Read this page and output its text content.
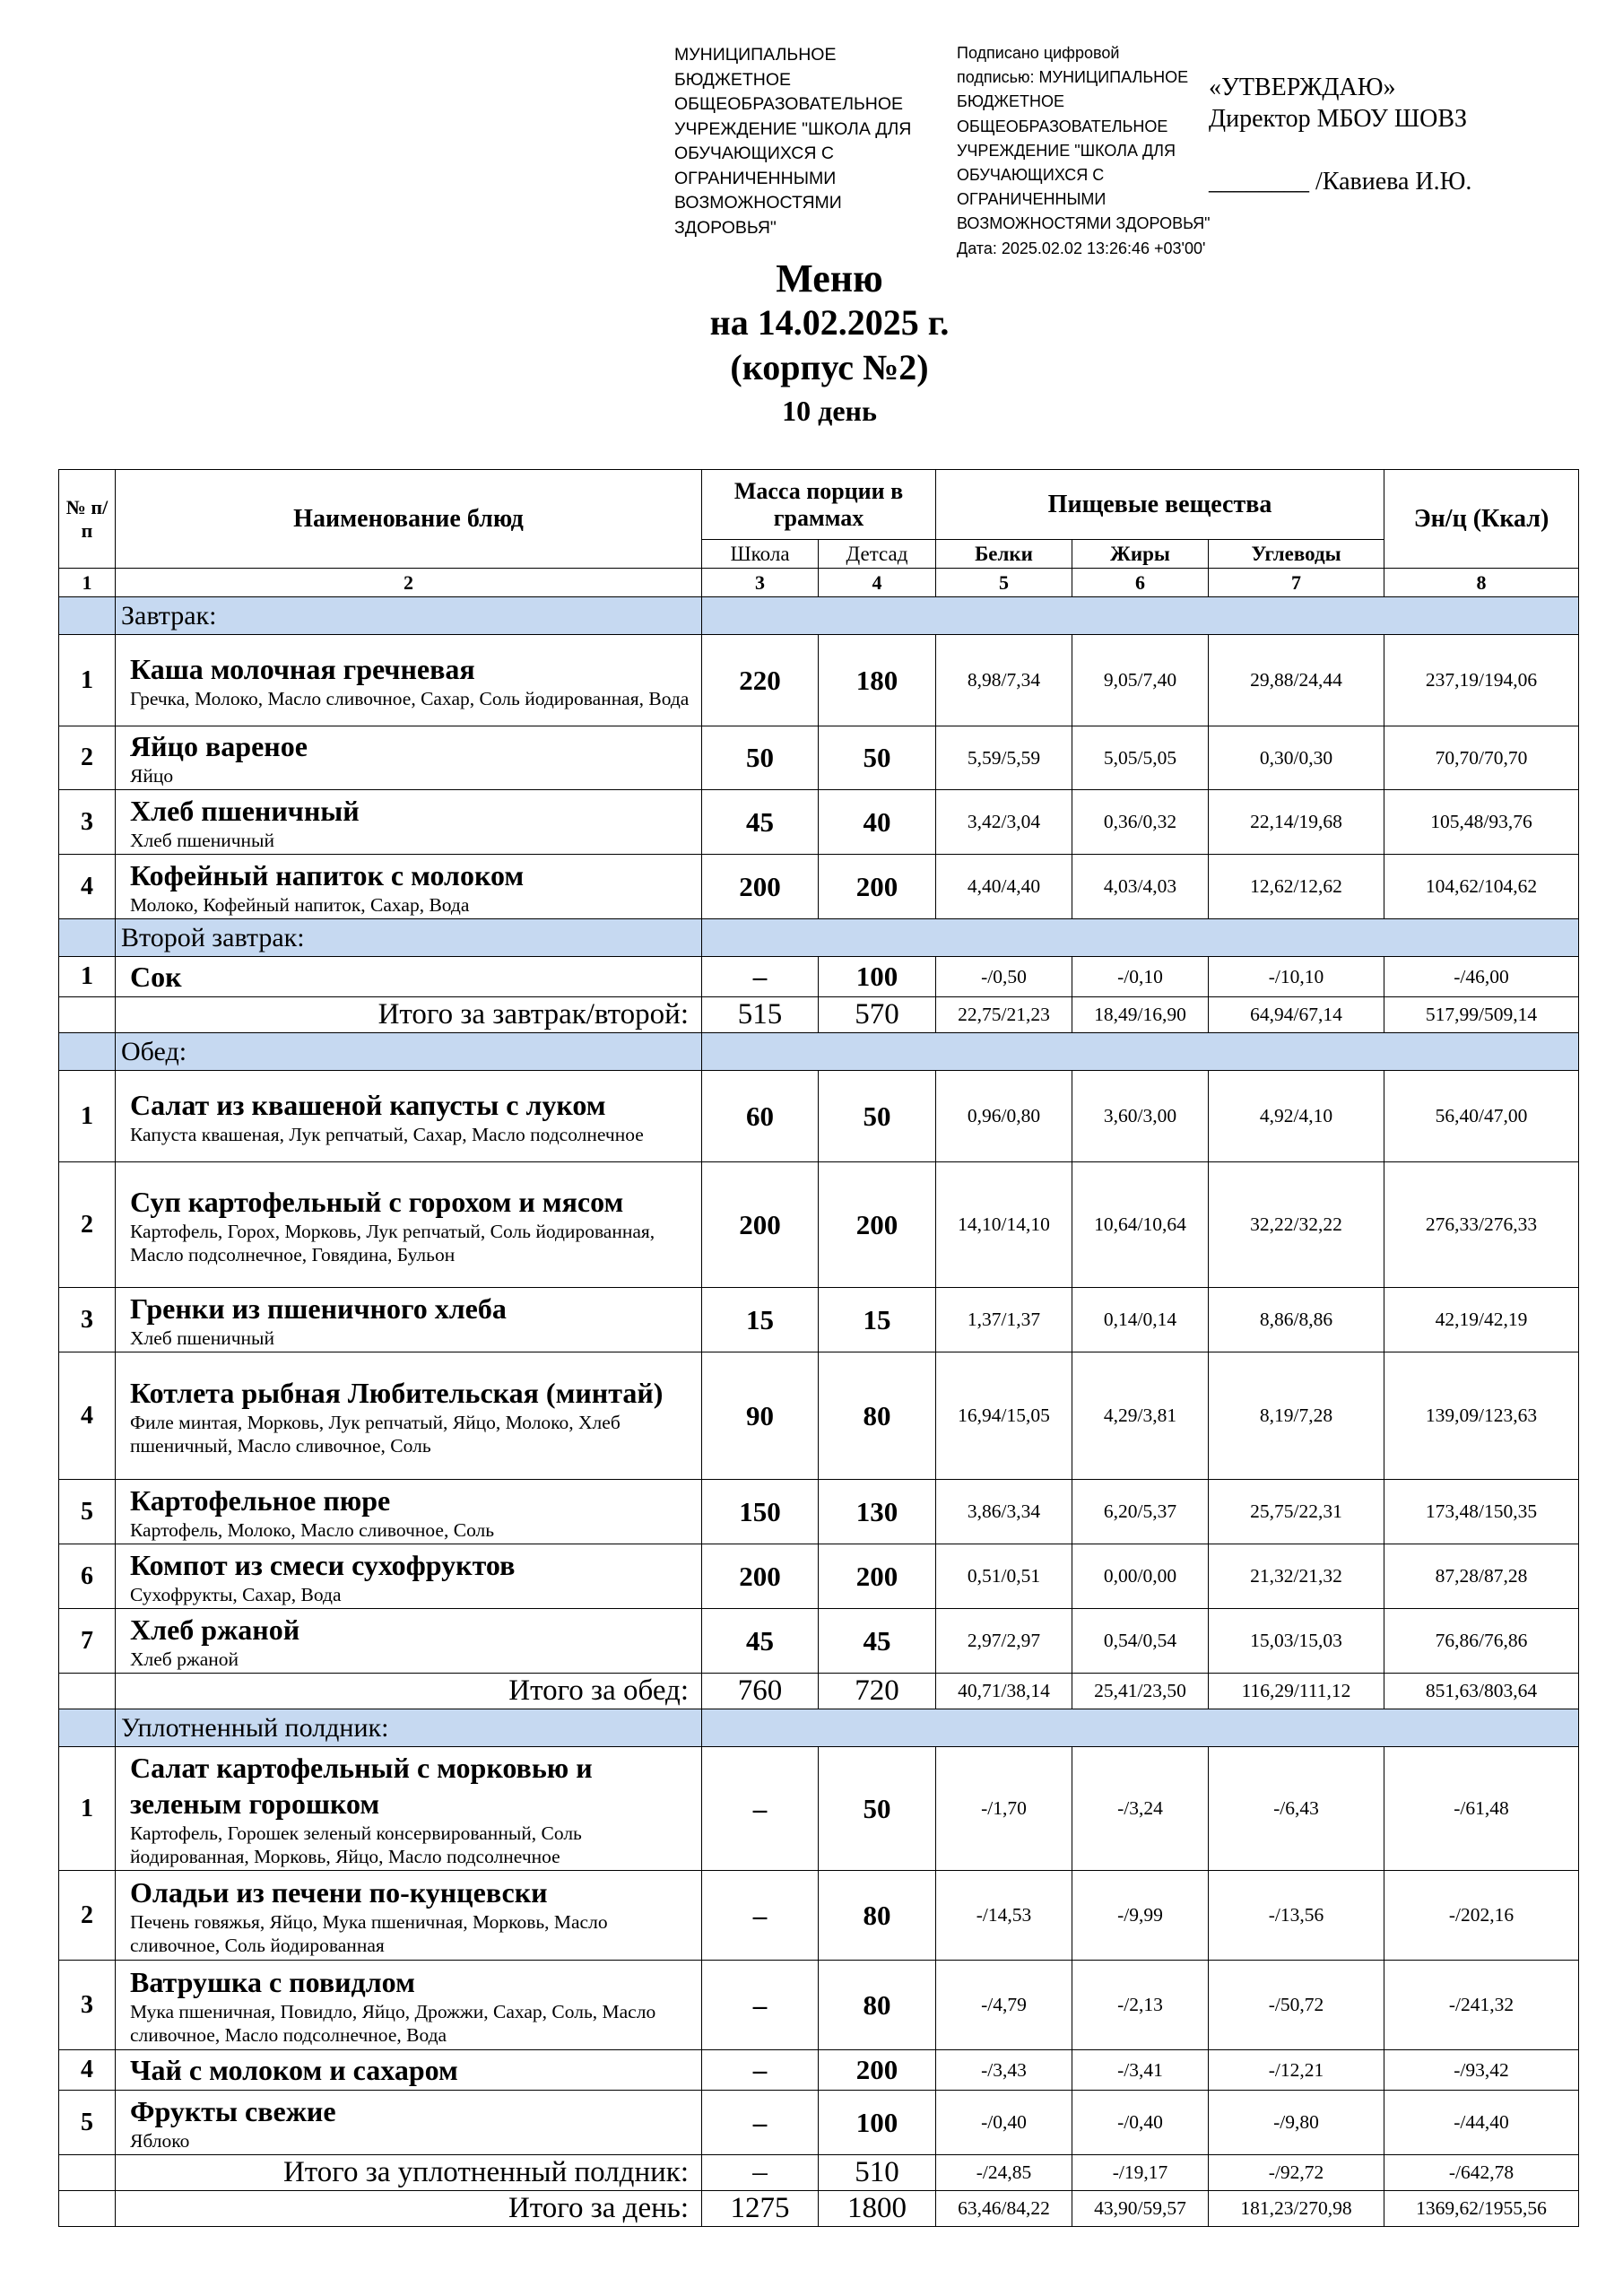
МУНИЦИПАЛЬНОЕ
БЮДЖЕТНОЕ
ОБЩЕОБРАЗОВАТЕЛЬНОЕ
УЧРЕЖДЕНИЕ "ШКОЛА ДЛЯ
ОБУЧАЮЩИХСЯ С
ОГРАНИЧЕННЫМИ
ВОЗМОЖНОСТЯМИ
ЗДОРОВЬЯ"
Подписано цифровой
подписью: МУНИЦИПАЛЬНОЕ
БЮДЖЕТНОЕ
ОБЩЕОБРАЗОВАТЕЛЬНОЕ
УЧРЕЖДЕНИЕ "ШКОЛА ДЛЯ
ОБУЧАЮЩИХСЯ С
ОГРАНИЧЕННЫМИ
ВОЗМОЖНОСТЯМИ ЗДОРОВЬЯ"
Дата: 2025.02.02 13:26:46 +03'00'
«УТВЕРЖДАЮ»
Директор МБОУ ШОВЗ

________ /Кавиева И.Ю.
Меню
на 14.02.2025 г.
(корпус №2)
10 день
№ п/п	Наименование блюд	Масса порции в граммах		Пищевые вещества			Эн/ц (Ккал)
		Школа	Детсад	Белки	Жиры	Углеводы	
1	2	3	4	5	6	7	8
	Завтрак:						
1	Каша молочная гречневая
Гречка, Молоко, Масло сливочное, Сахар, Соль йодированная, Вода	220	180	8,98/7,34	9,05/7,40	29,88/24,44	237,19/194,06
2	Яйцо вареное
Яйцо	50	50	5,59/5,59	5,05/5,05	0,30/0,30	70,70/70,70
3	Хлеб пшеничный
Хлеб пшеничный	45	40	3,42/3,04	0,36/0,32	22,14/19,68	105,48/93,76
4	Кофейный напиток с молоком
Молоко, Кофейный напиток, Сахар, Вода	200	200	4,40/4,40	4,03/4,03	12,62/12,62	104,62/104,62
	Второй завтрак:						
1	Сок	–	100	-/0,50	-/0,10	-/10,10	-/46,00
	Итого за завтрак/второй:	515	570	22,75/21,23	18,49/16,90	64,94/67,14	517,99/509,14
	Обед:						
1	Салат из квашеной капусты с луком
Капуста квашеная, Лук репчатый, Сахар, Масло подсолнечное	60	50	0,96/0,80	3,60/3,00	4,92/4,10	56,40/47,00
2	Суп картофельный с горохом и мясом
Картофель, Горох, Морковь, Лук репчатый, Соль йодированная, Масло подсолнечное, Говядина, Бульон	200	200	14,10/14,10	10,64/10,64	32,22/32,22	276,33/276,33
3	Гренки из пшеничного хлеба
Хлеб пшеничный	15	15	1,37/1,37	0,14/0,14	8,86/8,86	42,19/42,19
4	Котлета рыбная Любительская (минтай)
Филе минтая, Морковь, Лук репчатый, Яйцо, Молоко, Хлеб пшеничный, Масло сливочное, Соль	90	80	16,94/15,05	4,29/3,81	8,19/7,28	139,09/123,63
5	Картофельное пюре
Картофель, Молоко, Масло сливочное, Соль	150	130	3,86/3,34	6,20/5,37	25,75/22,31	173,48/150,35
6	Компот из смеси сухофруктов
Сухофрукты, Сахар, Вода	200	200	0,51/0,51	0,00/0,00	21,32/21,32	87,28/87,28
7	Хлеб ржаной
Хлеб ржаной	45	45	2,97/2,97	0,54/0,54	15,03/15,03	76,86/76,86
	Итого за обед:	760	720	40,71/38,14	25,41/23,50	116,29/111,12	851,63/803,64
	Уплотненный полдник:						
1	Салат картофельный с морковью и зеленым горошком
Картофель, Горошек зеленый консервированный, Соль йодированная, Морковь, Яйцо, Масло подсолнечное	–	50	-/1,70	-/3,24	-/6,43	-/61,48
2	Оладьи из печени по-кунцевски
Печень говяжья, Яйцо, Мука пшеничная, Морковь, Масло сливочное, Соль йодированная	–	80	-/14,53	-/9,99	-/13,56	-/202,16
3	Ватрушка с повидлом
Мука пшеничная, Повидло, Яйцо, Дрожжи, Сахар, Соль, Масло сливочное, Масло подсолнечное, Вода	–	80	-/4,79	-/2,13	-/50,72	-/241,32
4	Чай с молоком и сахаром	–	200	-/3,43	-/3,41	-/12,21	-/93,42
5	Фрукты свежие
Яблоко	–	100	-/0,40	-/0,40	-/9,80	-/44,40
	Итого за уплотненный полдник:	–	510	-/24,85	-/19,17	-/92,72	-/642,78
	Итого за день:	1275	1800	63,46/84,22	43,90/59,57	181,23/270,98	1369,62/1955,56
